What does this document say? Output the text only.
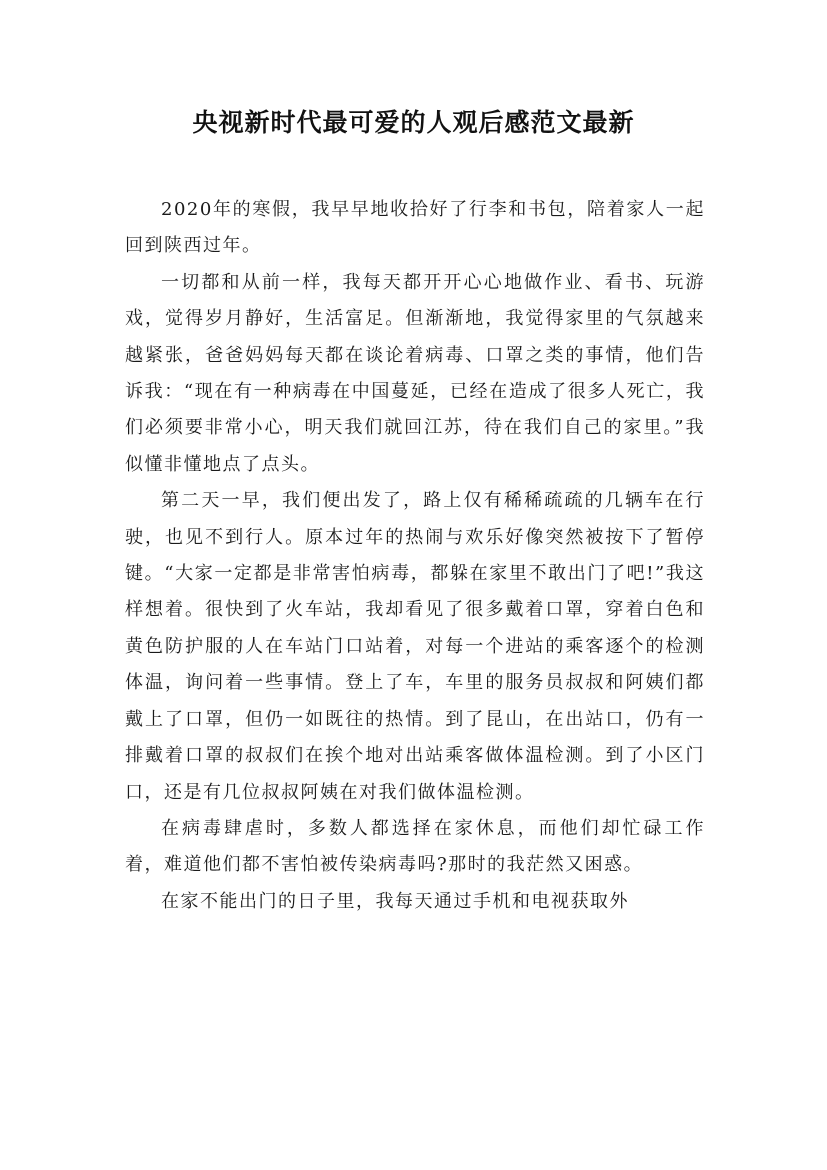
央视新时代最可爱的人观后感范文最新

2020年的寒假，我早早地收拾好了行李和书包，陪着家人一起回到陕西过年。

一切都和从前一样，我每天都开开心心地做作业、看书、玩游戏，觉得岁月静好，生活富足。但渐渐地，我觉得家里的气氛越来越紧张，爸爸妈妈每天都在谈论着病毒、口罩之类的事情，他们告诉我：“现在有一种病毒在中国蔓延，已经在造成了很多人死亡，我们必须要非常小心，明天我们就回江苏，待在我们自己的家里。”我似懂非懂地点了点头。

第二天一早，我们便出发了，路上仅有稀稀疏疏的几辆车在行驶，也见不到行人。原本过年的热闹与欢乐好像突然被按下了暂停键。“大家一定都是非常害怕病毒，都躲在家里不敢出门了吧!”我这样想着。很快到了火车站，我却看见了很多戴着口罩，穿着白色和黄色防护服的人在车站门口站着，对每一个进站的乘客逐个的检测体温，询问着一些事情。登上了车，车里的服务员叔叔和阿姨们都戴上了口罩，但仍一如既往的热情。到了昆山，在出站口，仍有一排戴着口罩的叔叔们在挨个地对出站乘客做体温检测。到了小区门口，还是有几位叔叔阿姨在对我们做体温检测。

在病毒肆虐时，多数人都选择在家休息，而他们却忙碌工作着，难道他们都不害怕被传染病毒吗?那时的我茫然又困惑。

在家不能出门的日子里，我每天通过手机和电视获取外
